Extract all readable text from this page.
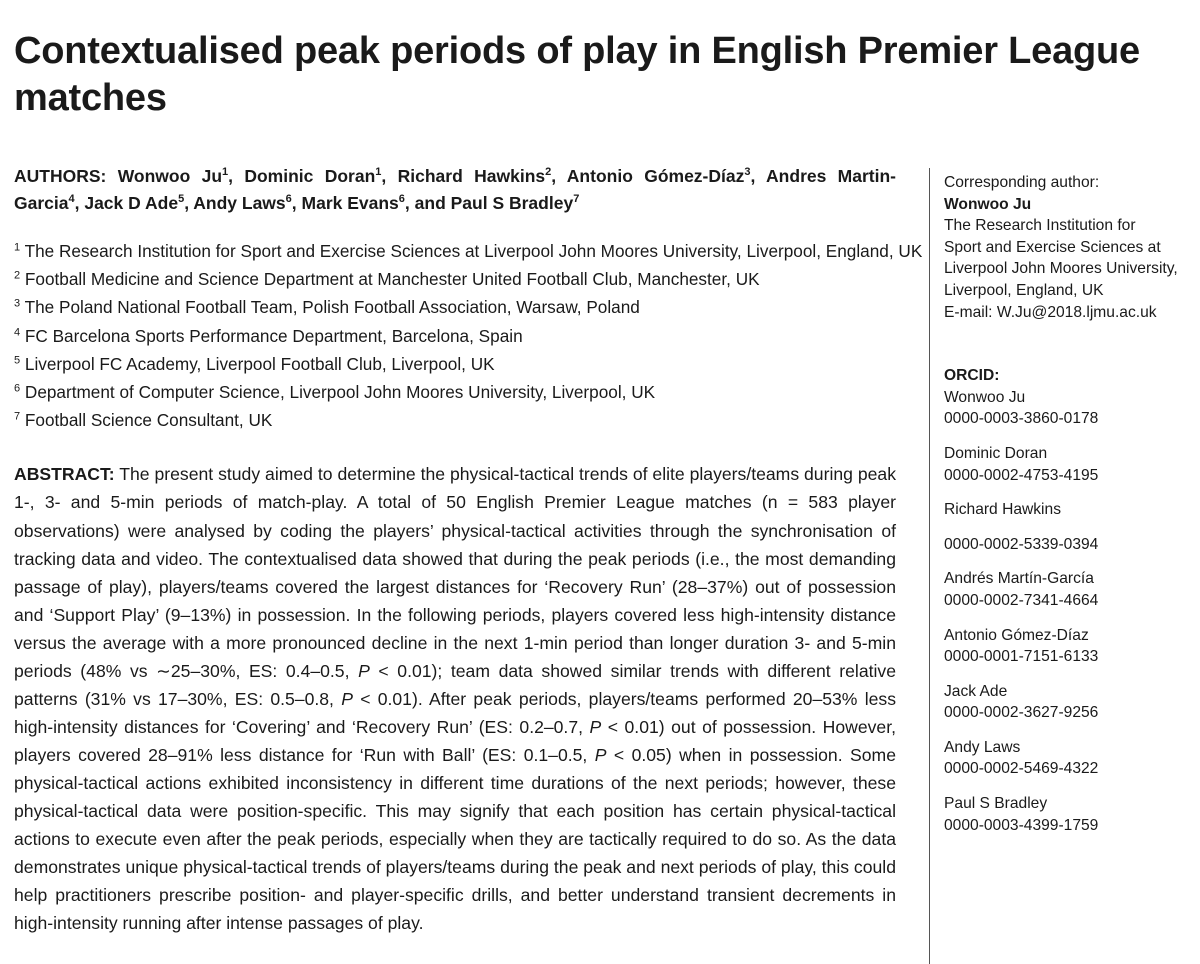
Contextualised peak periods of play in English Premier League matches

AUTHORS: Wonwoo Ju$^1$, Dominic Doran$^1$, Richard Hawkins$^2$, Antonio Gómez-Díaz$^3$, Andres Martin-Garcia$^4$, Jack D Ade$^5$, Andy Laws$^6$, Mark Evans$^6$, and Paul S Bradley$^7$

$^1$ The Research Institution for Sport and Exercise Sciences at Liverpool John Moores University, Liverpool, England, UK

$^2$ Football Medicine and Science Department at Manchester United Football Club, Manchester, UK

$^3$ The Poland National Football Team, Polish Football Association, Warsaw, Poland

$^4$ FC Barcelona Sports Performance Department, Barcelona, Spain

$^5$ Liverpool FC Academy, Liverpool Football Club, Liverpool, UK

$^6$ Department of Computer Science, Liverpool John Moores University, Liverpool, UK

$^7$ Football Science Consultant, UK

ABSTRACT: The present study aimed to determine the physical-tactical trends of elite players/teams during peak 1-, 3- and 5-min periods of match-play. A total of 50 English Premier League matches (n = 583 player observations) were analysed by coding the players’ physical-tactical activities through the synchronisation of tracking data and video. The contextualised data showed that during the peak periods (i.e., the most demanding passage of play), players/teams covered the largest distances for ‘Recovery Run’ (28–37%) out of possession and ‘Support Play’ (9–13%) in possession. In the following periods, players covered less high-intensity distance versus the average with a more pronounced decline in the next 1-min period than longer duration 3- and 5-min periods (48% vs ∼25–30%, ES: 0.4–0.5, P < 0.01); team data showed similar trends with different relative patterns (31% vs 17–30%, ES: 0.5–0.8, P < 0.01). After peak periods, players/teams performed 20–53% less high-intensity distances for ‘Covering’ and ‘Recovery Run’ (ES: 0.2–0.7, P < 0.01) out of possession. However, players covered 28–91% less distance for ‘Run with Ball’ (ES: 0.1–0.5, P < 0.05) when in possession. Some physical-tactical actions exhibited inconsistency in different time durations of the next periods; however, these physical-tactical data were position-specific. This may signify that each position has certain physical-tactical actions to execute even after the peak periods, especially when they are tactically required to do so. As the data demonstrates unique physical-tactical trends of players/teams during the peak and next periods of play, this could help practitioners prescribe position- and player-specific drills, and better understand transient decrements in high-intensity running after intense passages of play.

Corresponding author:
Wonwoo Ju
The Research Institution for
Sport and Exercise Sciences at
Liverpool John Moores University,
Liverpool, England, UK
E-mail: W.Ju@2018.ljmu.ac.uk
ORCID:
Wonwoo Ju
0000-0003-3860-0178
Dominic Doran
0000-0002-4753-4195
Richard Hawkins
0000-0002-5339-0394
Andrés Martín-García
0000-0002-7341-4664
Antonio Gómez-Díaz
0000-0001-7151-6133
Jack Ade
0000-0002-3627-9256
Andy Laws
0000-0002-5469-4322
Paul S Bradley
0000-0003-4399-1759
